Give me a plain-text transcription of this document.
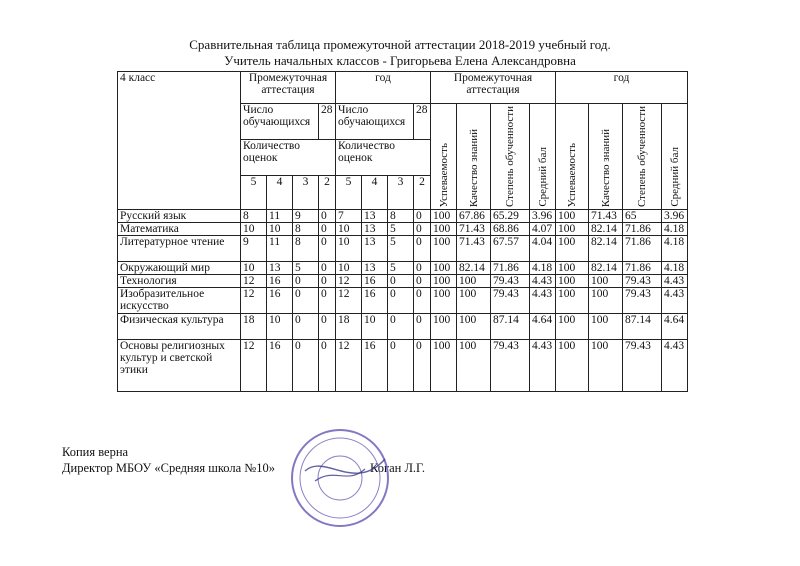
Сравнительная таблица промежуточной аттестации 2018-2019 учебный год.
Учитель начальных классов - Григорьева Елена Александровна
4 класс	Промежуточная аттестация				год				Промежуточная аттестация				год			
	Число обучающихся			28	Число обучающихся			28	Успеваемость	Качество знаний	Степень обученности	Средний бал	Успеваемость	Качество знаний	Степень обученности	Средний бал

	Количество оценок				Количество оценок											
	5	4	3	2	5	4	3	2								
Русский язык	8	11	9	0	7	13	8	0	100	67.86	65.29	3.96	100	71.43	65	3.96
Математика	10	10	8	0	10	13	5	0	100	71.43	68.86	4.07	100	82.14	71.86	4.18
Литературное чтение	9	11	8	0	10	13	5	0	100	71.43	67.57	4.04	100	82.14	71.86	4.18
Окружающий мир	10	13	5	0	10	13	5	0	100	82.14	71.86	4.18	100	82.14	71.86	4.18
Технология	12	16	0	0	12	16	0	0	100	100	79.43	4.43	100	100	79.43	4.43
Изобразительное искусство	12	16	0	0	12	16	0	0	100	100	79.43	4.43	100	100	79.43	4.43
Физическая культура	18	10	0	0	18	10	0	0	100	100	87.14	4.64	100	100	87.14	4.64
Основы религиозных культур и светской этики	12	16	0	0	12	16	0	0	100	100	79.43	4.43	100	100	79.43	4.43
Копия верна
Директор МБОУ «Средняя школа №10»	Коган Л.Г.
